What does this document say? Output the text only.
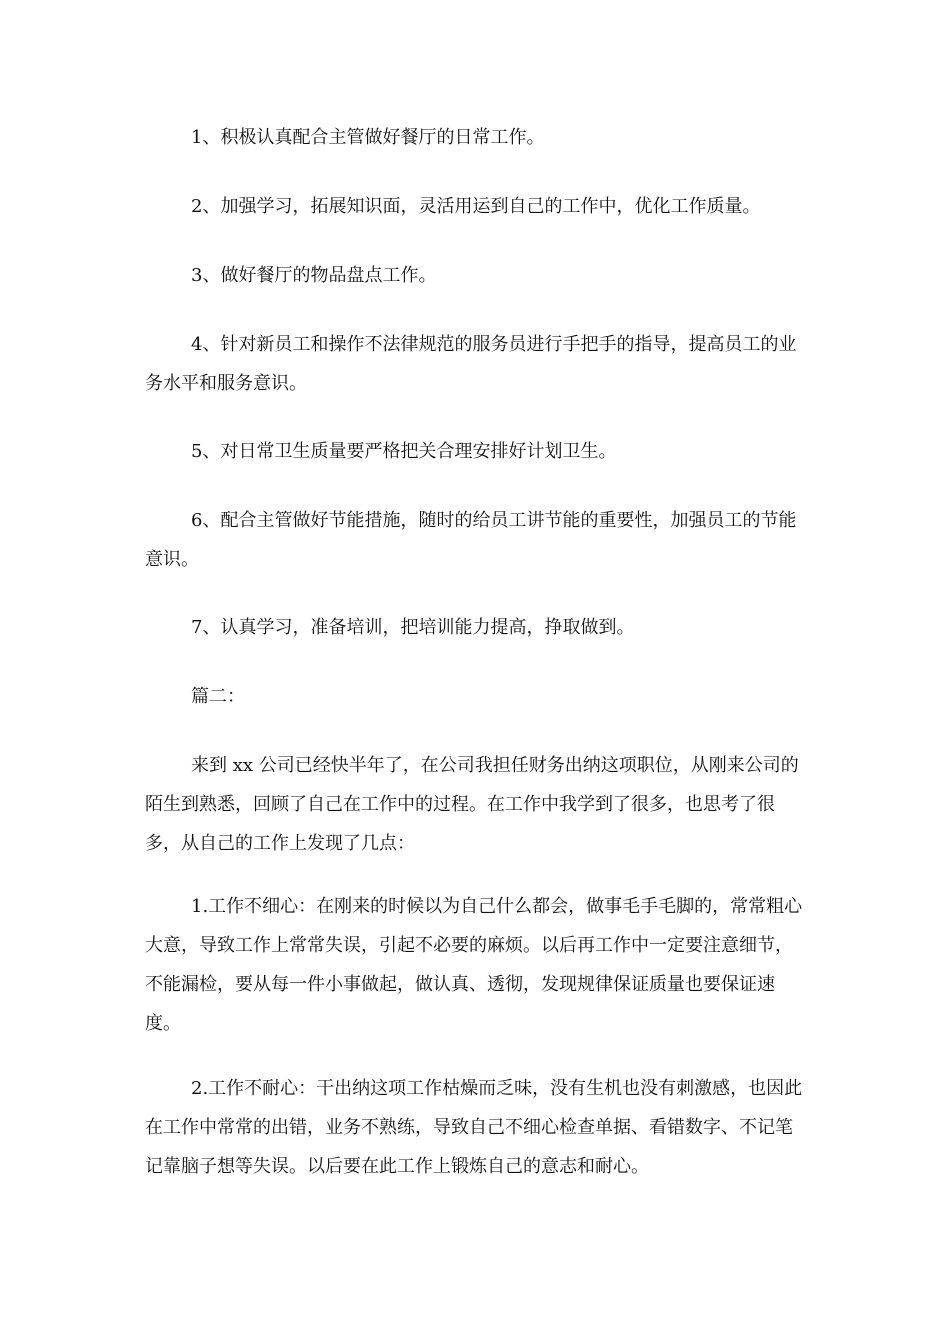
1、积极认真配合主管做好餐厅的日常工作。

2、加强学习，拓展知识面，灵活用运到自己的工作中，优化工作质量。

3、做好餐厅的物品盘点工作。

4、针对新员工和操作不法律规范的服务员进行手把手的指导，提高员工的业务水平和服务意识。

5、对日常卫生质量要严格把关合理安排好计划卫生。

6、配合主管做好节能措施，随时的给员工讲节能的重要性，加强员工的节能意识。

7、认真学习，准备培训，把培训能力提高，挣取做到。

篇二：

来到 xx 公司已经快半年了，在公司我担任财务出纳这项职位，从刚来公司的陌生到熟悉，回顾了自己在工作中的过程。在工作中我学到了很多，也思考了很多，从自己的工作上发现了几点：

1.工作不细心：在刚来的时候以为自己什么都会，做事毛手毛脚的，常常粗心大意，导致工作上常常失误，引起不必要的麻烦。以后再工作中一定要注意细节，不能漏检，要从每一件小事做起，做认真、透彻，发现规律保证质量也要保证速度。

2.工作不耐心：干出纳这项工作枯燥而乏味，没有生机也没有刺激感，也因此在工作中常常的出错，业务不熟练，导致自己不细心检查单据、看错数字、不记笔记靠脑子想等失误。以后要在此工作上锻炼自己的意志和耐心。
